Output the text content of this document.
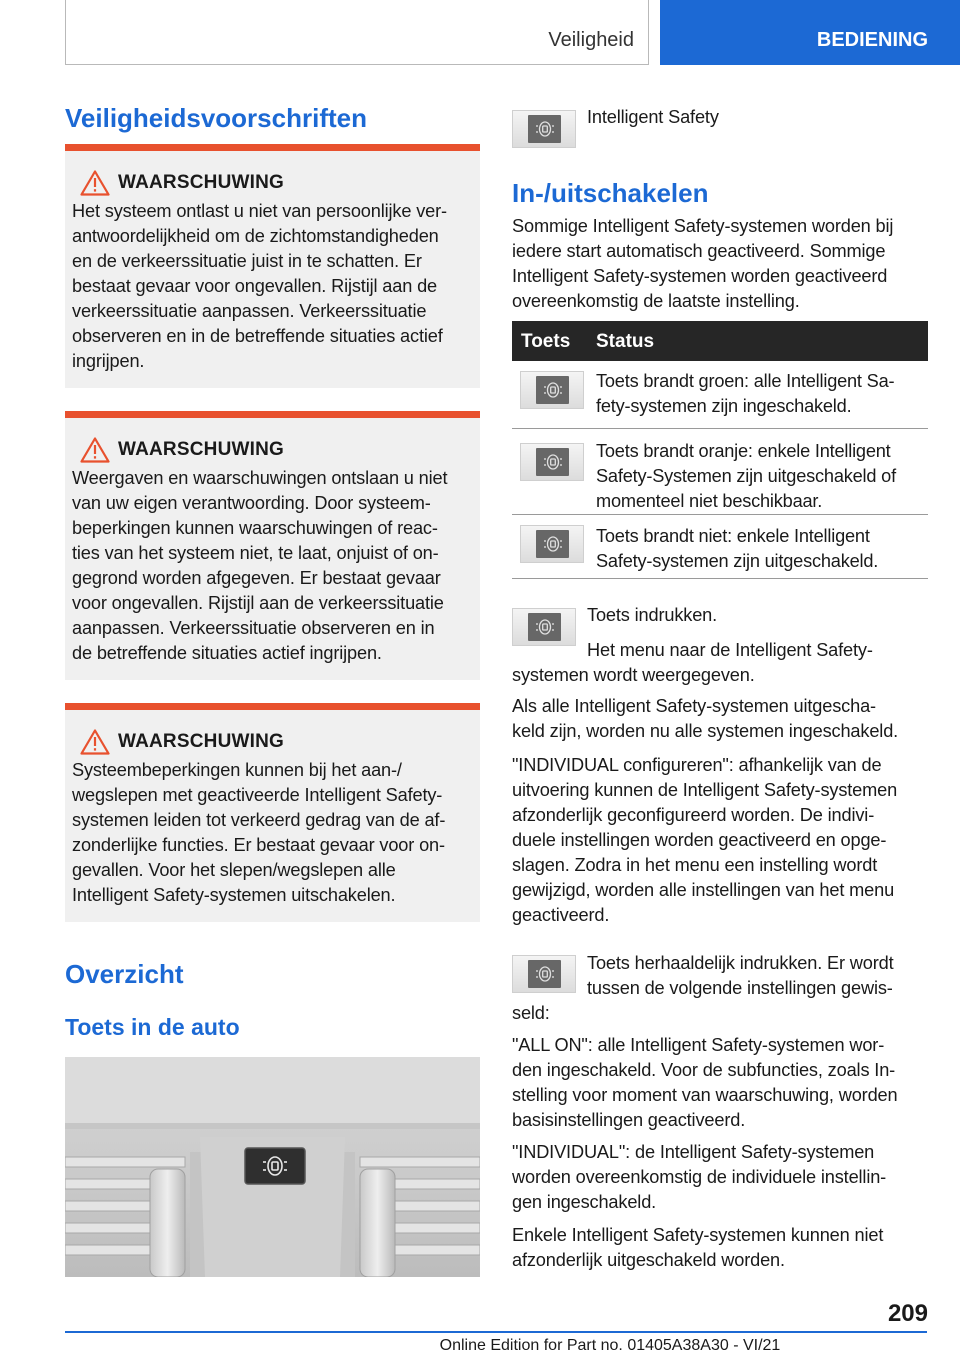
Veiligheid	BEDIENING
Veiligheidsvoorschriften
WAARSCHUWING
Het systeem ontlast u niet van persoonlijke ver-
antwoordelijkheid om de zichtomstandigheden
en de verkeerssituatie juist in te schatten. Er
bestaat gevaar voor ongevallen. Rijstijl aan de
verkeerssituatie aanpassen. Verkeerssituatie
observeren en in de betreffende situaties actief
ingrijpen.
WAARSCHUWING
Weergaven en waarschuwingen ontslaan u niet
van uw eigen verantwoording. Door systeem-
beperkingen kunnen waarschuwingen of reac-
ties van het systeem niet, te laat, onjuist of on-
gegrond worden afgegeven. Er bestaat gevaar
voor ongevallen. Rijstijl aan de verkeerssituatie
aanpassen. Verkeerssituatie observeren en in
de betreffende situaties actief ingrijpen.
WAARSCHUWING
Systeembeperkingen kunnen bij het aan-/
wegslepen met geactiveerde Intelligent Safety-
systemen leiden tot verkeerd gedrag van de af-
zonderlijke functies. Er bestaat gevaar voor on-
gevallen. Voor het slepen/wegslepen alle
Intelligent Safety-systemen uitschakelen.
Overzicht
Toets in de auto
Intelligent Safety
In-/uitschakelen
Sommige Intelligent Safety-systemen worden bij
iedere start automatisch geactiveerd. Sommige
Intelligent Safety-systemen worden geactiveerd
overeenkomstig de laatste instelling.
Toets Status
Toets brandt groen: alle Intelligent Sa-
fety-systemen zijn ingeschakeld.
Toets brandt oranje: enkele Intelligent
Safety-Systemen zijn uitgeschakeld of
momenteel niet beschikbaar.
Toets brandt niet: enkele Intelligent
Safety-systemen zijn uitgeschakeld.
Toets indrukken.
Het menu naar de Intelligent Safety-
systemen wordt weergegeven.
Als alle Intelligent Safety-systemen uitgescha-
keld zijn, worden nu alle systemen ingeschakeld.
"INDIVIDUAL configureren": afhankelijk van de
uitvoering kunnen de Intelligent Safety-systemen
afzonderlijk geconfigureerd worden. De indivi-
duele instellingen worden geactiveerd en opge-
slagen. Zodra in het menu een instelling wordt
gewijzigd, worden alle instellingen van het menu
geactiveerd.
Toets herhaaldelijk indrukken. Er wordt
tussen de volgende instellingen gewis-
seld:
"ALL ON": alle Intelligent Safety-systemen wor-
den ingeschakeld. Voor de subfuncties, zoals In-
stelling voor moment van waarschuwing, worden
basisinstellingen geactiveerd.
"INDIVIDUAL": de Intelligent Safety-systemen
worden overeenkomstig de individuele instellin-
gen ingeschakeld.
Enkele Intelligent Safety-systemen kunnen niet
afzonderlijk uitgeschakeld worden.
209
Online Edition for Part no. 01405A38A30 - VI/21
